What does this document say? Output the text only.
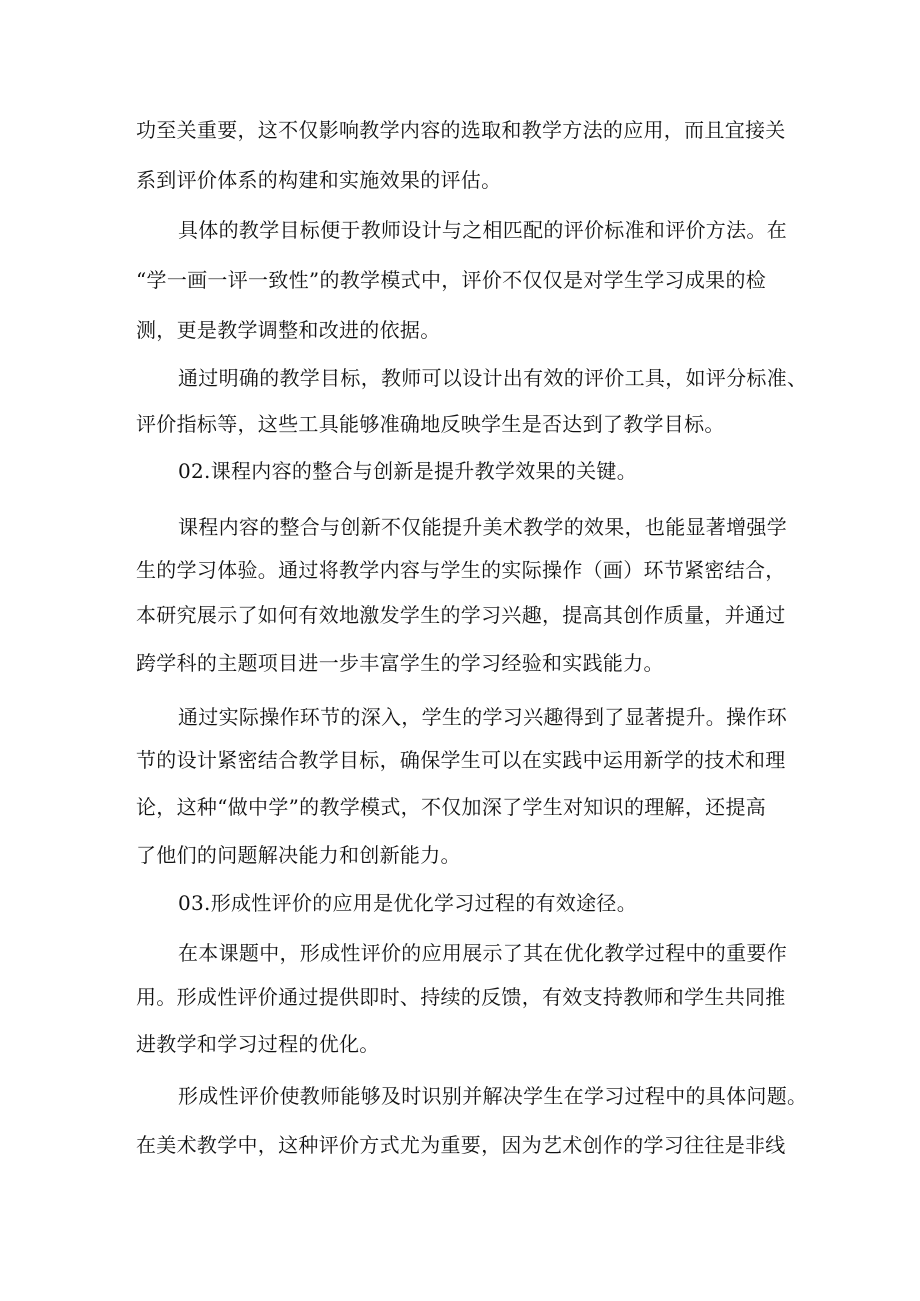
功至关重要，这不仅影响教学内容的选取和教学方法的应用，而且宜接关
系到评价体系的构建和实施效果的评估。
具体的教学目标便于教师设计与之相匹配的评价标准和评价方法。在
“学一画一评一致性”的教学模式中，评价不仅仅是对学生学习成果的检
测，更是教学调整和改进的依据。
通过明确的教学目标，教师可以设计出有效的评价工具，如评分标准、
评价指标等，这些工具能够准确地反映学生是否达到了教学目标。
02.课程内容的整合与创新是提升教学效果的关键。
课程内容的整合与创新不仅能提升美术教学的效果，也能显著增强学
生的学习体验。通过将教学内容与学生的实际操作（画）环节紧密结合，
本研究展示了如何有效地激发学生的学习兴趣，提高其创作质量，并通过
跨学科的主题项目进一步丰富学生的学习经验和实践能力。
通过实际操作环节的深入，学生的学习兴趣得到了显著提升。操作环
节的设计紧密结合教学目标，确保学生可以在实践中运用新学的技术和理
论，这种“做中学”的教学模式，不仅加深了学生对知识的理解，还提高
了他们的问题解决能力和创新能力。
03.形成性评价的应用是优化学习过程的有效途径。
在本课题中，形成性评价的应用展示了其在优化教学过程中的重要作
用。形成性评价通过提供即时、持续的反馈，有效支持教师和学生共同推
进教学和学习过程的优化。
形成性评价使教师能够及时识别并解决学生在学习过程中的具体问题。
在美术教学中，这种评价方式尤为重要，因为艺术创作的学习往往是非线
